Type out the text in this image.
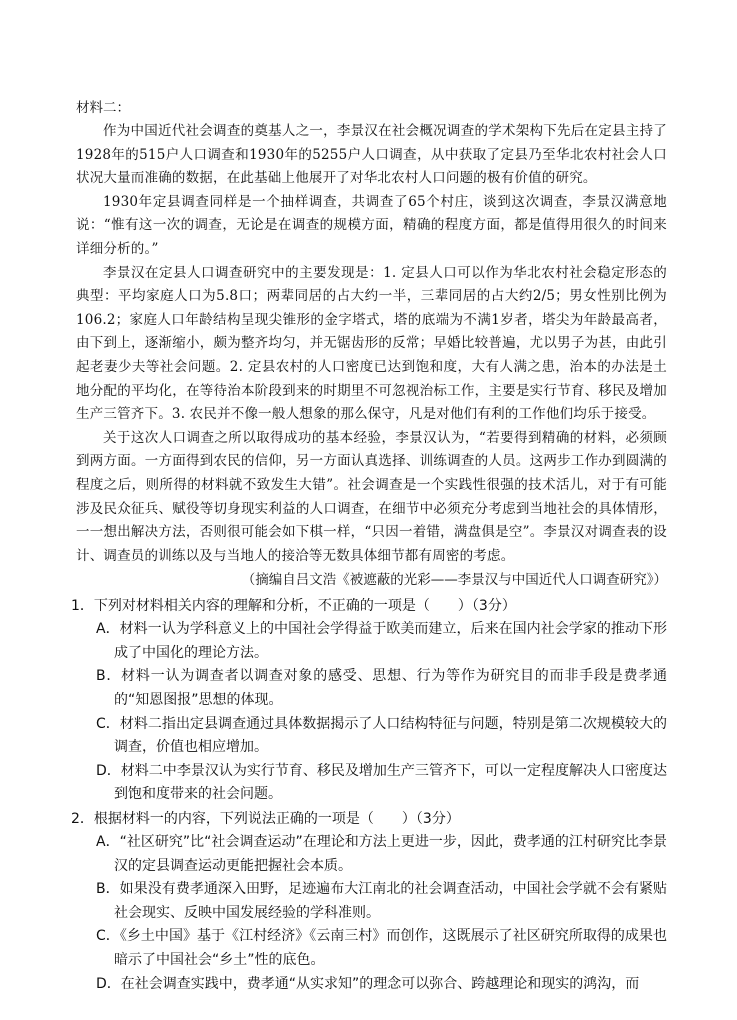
材料二：

作为中国近代社会调查的奠基人之一，李景汉在社会概况调查的学术架构下先后在定县主持了1928年的515户人口调查和1930年的5255户人口调查，从中获取了定县乃至华北农村社会人口状况大量而准确的数据，在此基础上他展开了对华北农村人口问题的极有价值的研究。

1930年定县调查同样是一个抽样调查，共调查了65个村庄，谈到这次调查，李景汉满意地说：“惟有这一次的调查，无论是在调查的规模方面，精确的程度方面，都是值得用很久的时间来详细分析的。”

李景汉在定县人口调查研究中的主要发现是：1. 定县人口可以作为华北农村社会稳定形态的典型：平均家庭人口为5.8口；两辈同居的占大约一半，三辈同居的占大约2/5；男女性别比例为106.2；家庭人口年龄结构呈现尖锥形的金字塔式，塔的底端为不满1岁者，塔尖为年龄最高者，由下到上，逐渐缩小，颇为整齐均匀，并无锯齿形的反常；早婚比较普遍，尤以男子为甚，由此引起老妻少夫等社会问题。2. 定县农村的人口密度已达到饱和度，大有人满之患，治本的办法是土地分配的平均化，在等待治本阶段到来的时期里不可忽视治标工作，主要是实行节育、移民及增加生产三管齐下。3. 农民并不像一般人想象的那么保守，凡是对他们有利的工作他们均乐于接受。

关于这次人口调查之所以取得成功的基本经验，李景汉认为，“若要得到精确的材料，必须顾到两方面。一方面得到农民的信仰，另一方面认真选择、训练调查的人员。这两步工作办到圆满的程度之后，则所得的材料就不致发生大错”。社会调查是一个实践性很强的技术活儿，对于有可能涉及民众征兵、赋役等切身现实利益的人口调查，在细节中必须充分考虑到当地社会的具体情形，一一想出解决方法，否则很可能会如下棋一样，“只因一着错，满盘俱是空”。李景汉对调查表的设计、调查员的训练以及与当地人的接洽等无数具体细节都有周密的考虑。

（摘编自吕文浩《被遮蔽的光彩——李景汉与中国近代人口调查研究》）

1．下列对材料相关内容的理解和分析，不正确的一项是（　　）（3分）

A．材料一认为学科意义上的中国社会学得益于欧美而建立，后来在国内社会学家的推动下形成了中国化的理论方法。

B．材料一认为调查者以调查对象的感受、思想、行为等作为研究目的而非手段是费孝通的“知恩图报”思想的体现。

C．材料二指出定县调查通过具体数据揭示了人口结构特征与问题，特别是第二次规模较大的调查，价值也相应增加。

D．材料二中李景汉认为实行节育、移民及增加生产三管齐下，可以一定程度解决人口密度达到饱和度带来的社会问题。

2．根据材料一的内容，下列说法正确的一项是（　　）（3分）

A．“社区研究”比“社会调查运动”在理论和方法上更进一步，因此，费孝通的江村研究比李景汉的定县调查运动更能把握社会本质。

B．如果没有费孝通深入田野，足迹遍布大江南北的社会调查活动，中国社会学就不会有紧贴社会现实、反映中国发展经验的学科准则。

C．《乡土中国》基于《江村经济》《云南三村》而创作，这既展示了社区研究所取得的成果也暗示了中国社会“乡土”性的底色。

D．在社会调查实践中，费孝通“从实求知”的理念可以弥合、跨越理论和现实的鸿沟，而
